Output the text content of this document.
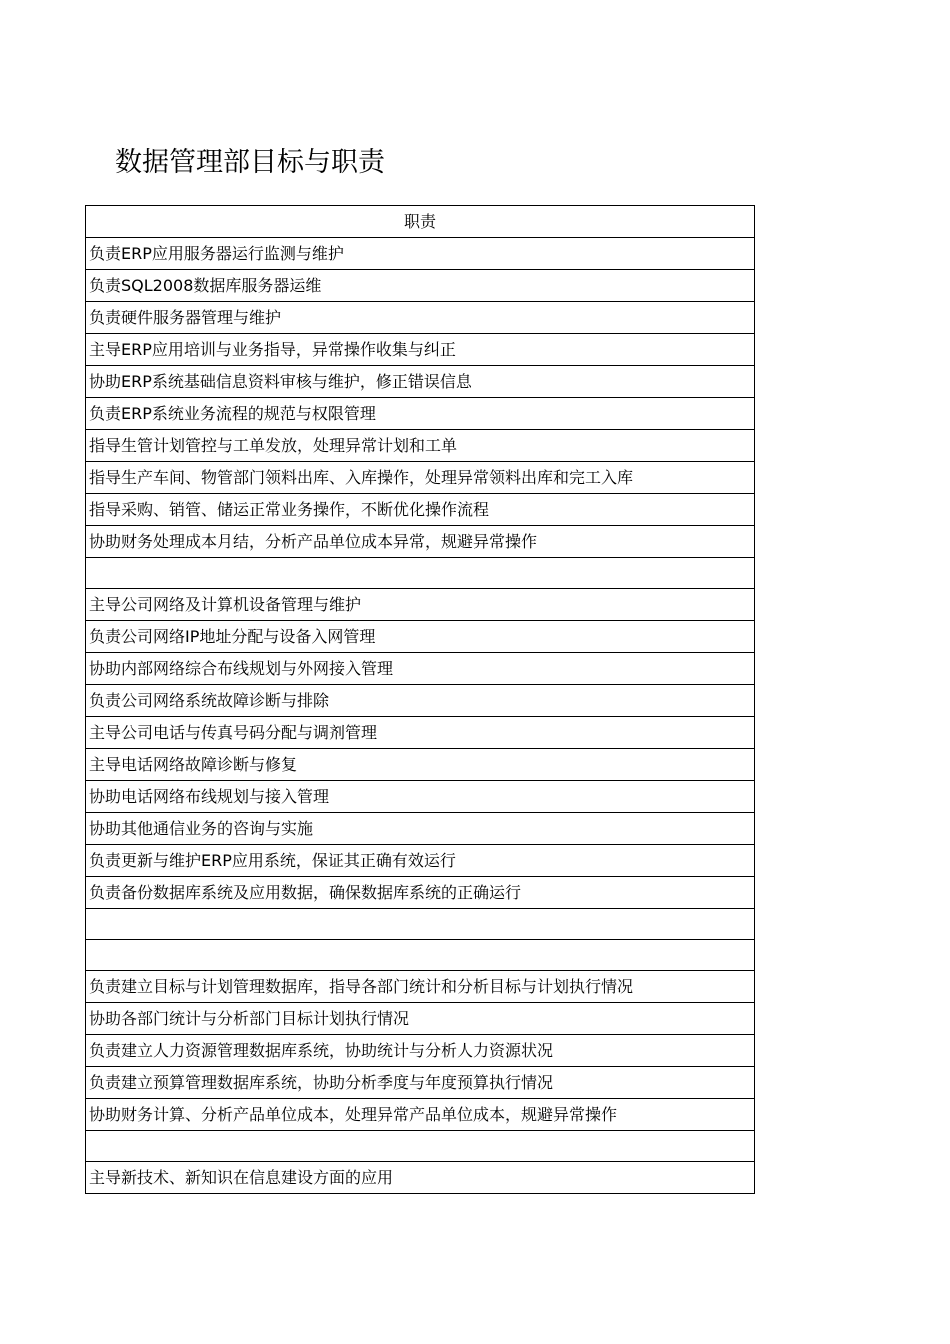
数据管理部目标与职责
职责
负责ERP应用服务器运行监测与维护
负责SQL2008数据库服务器运维
负责硬件服务器管理与维护
主导ERP应用培训与业务指导，异常操作收集与纠正
协助ERP系统基础信息资料审核与维护，修正错误信息
负责ERP系统业务流程的规范与权限管理
指导生管计划管控与工单发放，处理异常计划和工单
指导生产车间、物管部门领料出库、入库操作，处理异常领料出库和完工入库
指导采购、销管、储运正常业务操作，不断优化操作流程
协助财务处理成本月结，分析产品单位成本异常，规避异常操作

主导公司网络及计算机设备管理与维护
负责公司网络IP地址分配与设备入网管理
协助内部网络综合布线规划与外网接入管理
负责公司网络系统故障诊断与排除
主导公司电话与传真号码分配与调剂管理
主导电话网络故障诊断与修复
协助电话网络布线规划与接入管理
协助其他通信业务的咨询与实施
负责更新与维护ERP应用系统，保证其正确有效运行
负责备份数据库系统及应用数据，确保数据库系统的正确运行

负责建立目标与计划管理数据库，指导各部门统计和分析目标与计划执行情况
协助各部门统计与分析部门目标计划执行情况
负责建立人力资源管理数据库系统，协助统计与分析人力资源状况
负责建立预算管理数据库系统，协助分析季度与年度预算执行情况
协助财务计算、分析产品单位成本，处理异常产品单位成本，规避异常操作

主导新技术、新知识在信息建设方面的应用
